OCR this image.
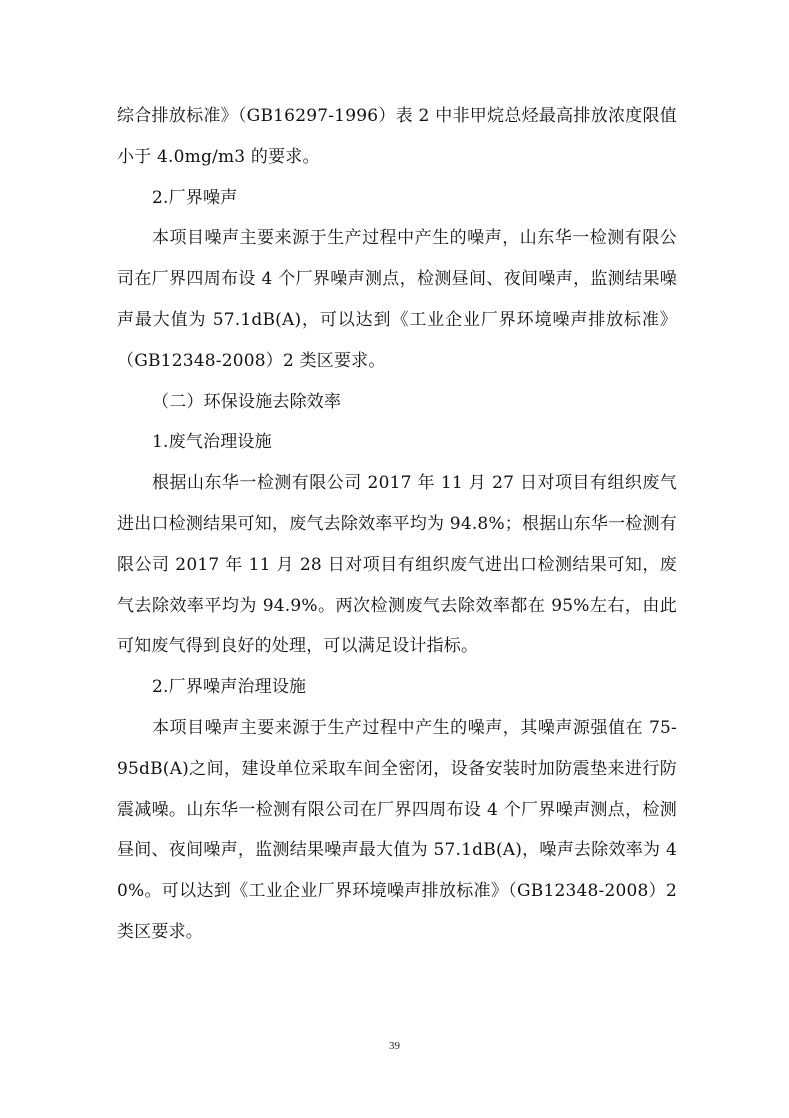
综合排放标准》（GB16297-1996）表 2 中非甲烷总烃最高排放浓度限值小于 4.0mg/m3 的要求。

2.厂界噪声

本项目噪声主要来源于生产过程中产生的噪声，山东华一检测有限公司在厂界四周布设 4 个厂界噪声测点，检测昼间、夜间噪声，监测结果噪声最大值为 57.1dB(A)，可以达到《工业企业厂界环境噪声排放标准》（GB12348-2008）2 类区要求。

（二）环保设施去除效率

1.废气治理设施

根据山东华一检测有限公司 2017 年 11 月 27 日对项目有组织废气进出口检测结果可知，废气去除效率平均为 94.8%；根据山东华一检测有限公司 2017 年 11 月 28 日对项目有组织废气进出口检测结果可知，废气去除效率平均为 94.9%。两次检测废气去除效率都在 95%左右，由此可知废气得到良好的处理，可以满足设计指标。

2.厂界噪声治理设施

本项目噪声主要来源于生产过程中产生的噪声，其噪声源强值在 75-95dB(A)之间，建设单位采取车间全密闭，设备安装时加防震垫来进行防震减噪。山东华一检测有限公司在厂界四周布设 4 个厂界噪声测点，检测昼间、夜间噪声，监测结果噪声最大值为 57.1dB(A)，噪声去除效率为 40%。可以达到《工业企业厂界环境噪声排放标准》（GB12348-2008）2 类区要求。

39
